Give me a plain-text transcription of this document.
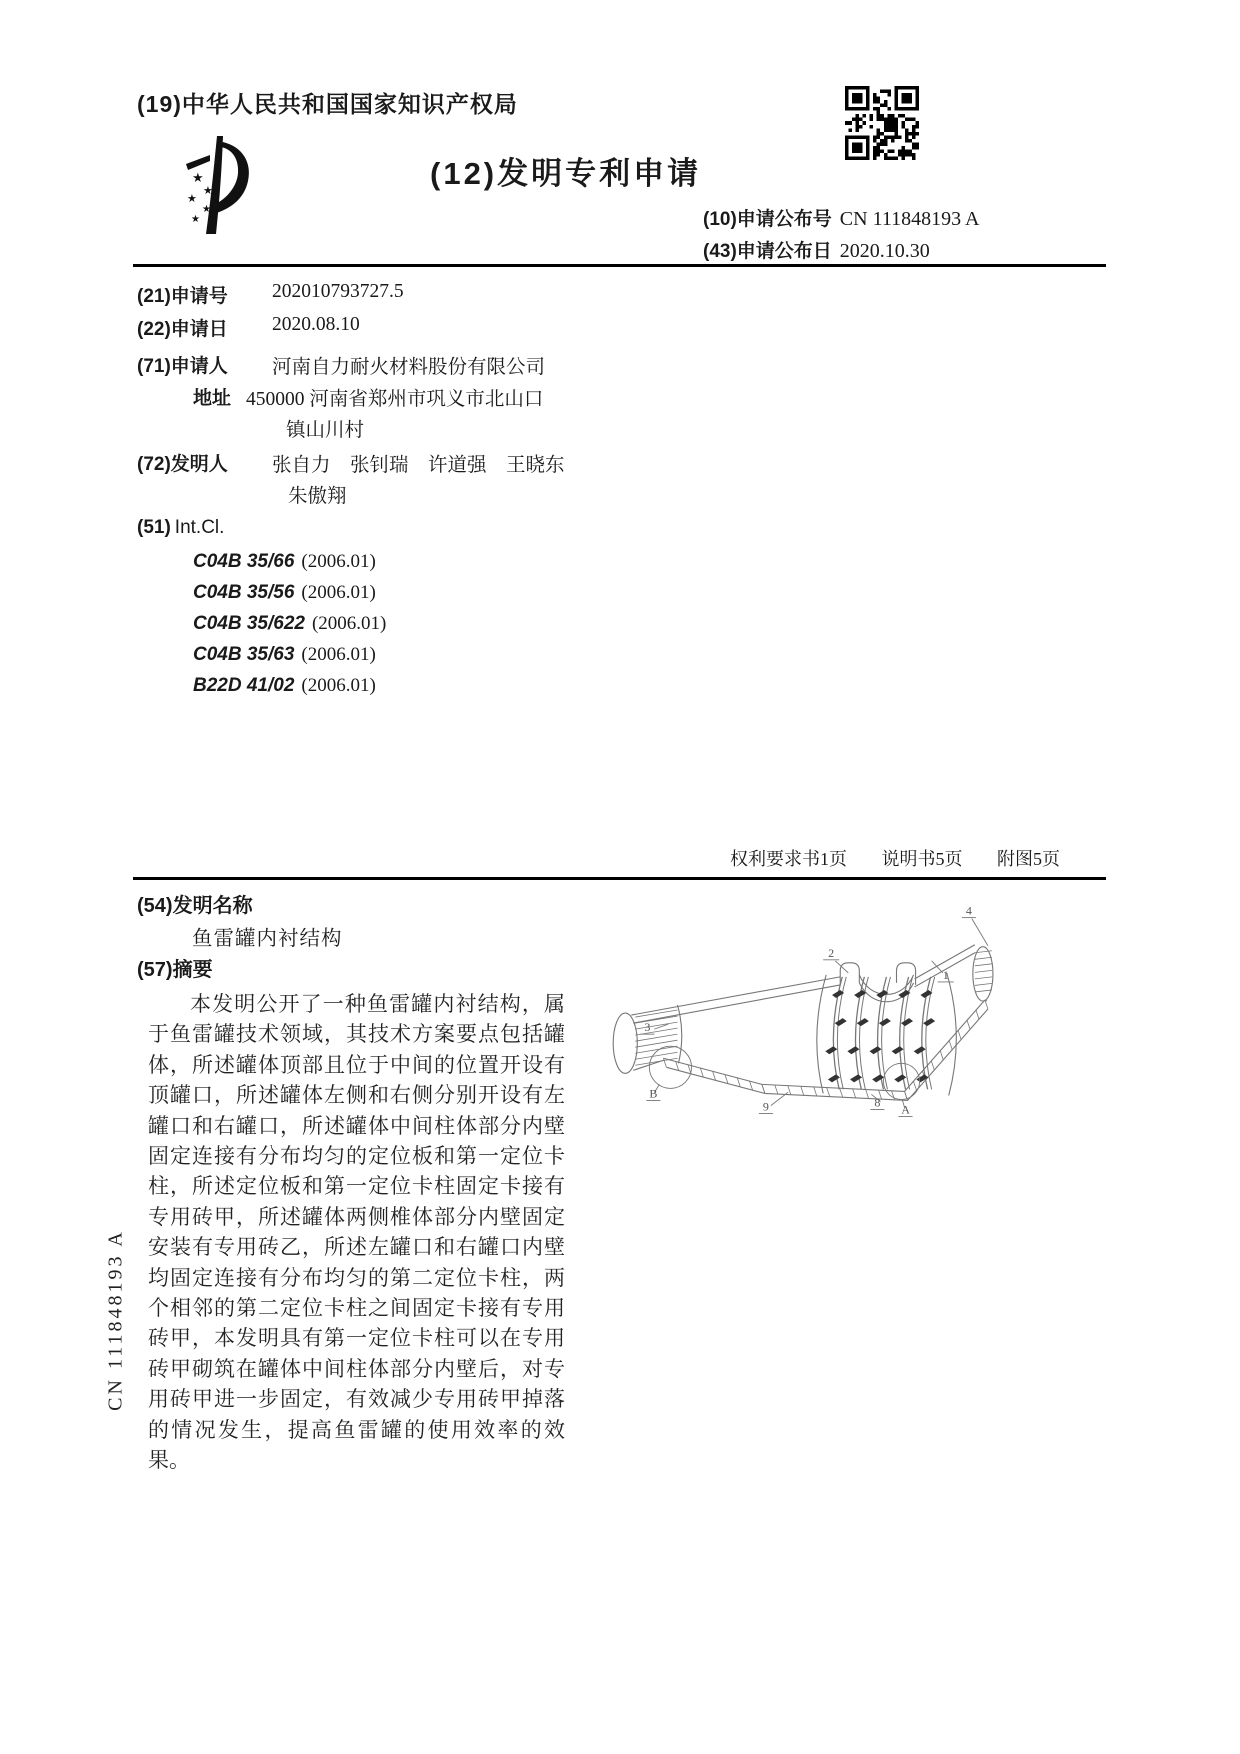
(19)中华人民共和国国家知识产权局
★
★
★
★
★
(12)发明专利申请
(10)申请公布号 CN 111848193 A
(43)申请公布日 2020.10.30
(21)申请号 202010793727.5
(22)申请日 2020.08.10
(71)申请人 河南自力耐火材料股份有限公司
地址 450000 河南省郑州市巩义市北山口
镇山川村
(72)发明人 张自力　张钊瑞　许道强　王晓东
朱傲翔
(51) Int.Cl.
C04B 35/66 (2006.01)
C04B 35/56 (2006.01)
C04B 35/622 (2006.01)
C04B 35/63 (2006.01)
B22D 41/02 (2006.01)
权利要求书1页 说明书5页 附图5页
(54)发明名称
鱼雷罐内衬结构
(57)摘要
本发明公开了一种鱼雷罐内衬结构，属于鱼雷罐技术领域，其技术方案要点包括罐体，所述罐体顶部且位于中间的位置开设有顶罐口，所述罐体左侧和右侧分别开设有左罐口和右罐口，所述罐体中间柱体部分内壁固定连接有分布均匀的定位板和第一定位卡柱，所述定位板和第一定位卡柱固定卡接有专用砖甲，所述罐体两侧椎体部分内壁固定安装有专用砖乙，所述左罐口和右罐口内壁均固定连接有分布均匀的第二定位卡柱，两个相邻的第二定位卡柱之间固定卡接有专用砖甲，本发明具有第一定位卡柱可以在专用砖甲砌筑在罐体中间柱体部分内壁后，对专用砖甲进一步固定，有效减少专用砖甲掉落的情况发生，提高鱼雷罐的使用效率的效果。
2
1
4
3
B
9	8
A
CN 111848193 A
